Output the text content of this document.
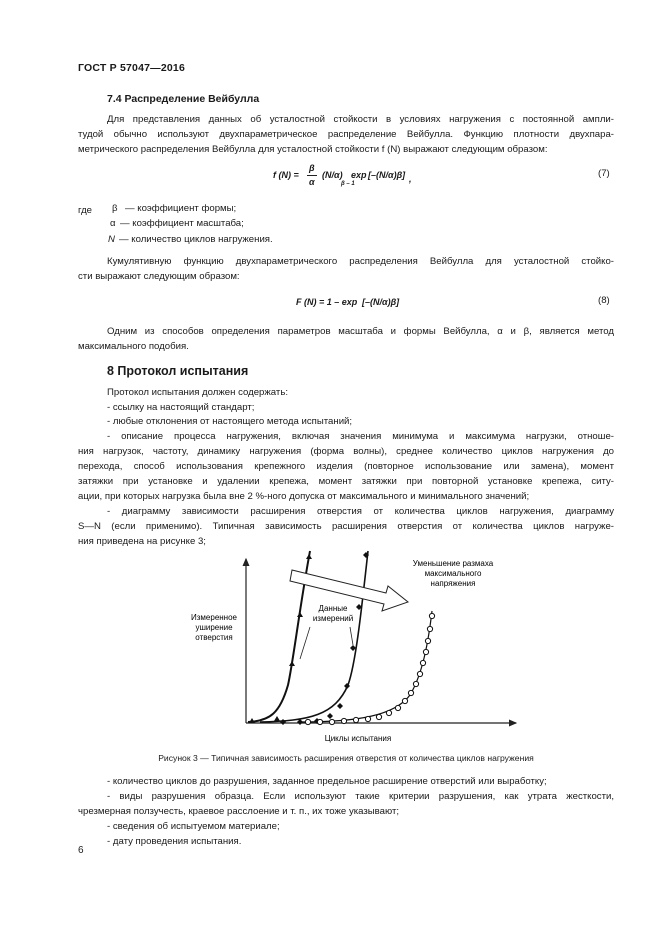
ГОСТ Р 57047—2016
7.4 Распределение Вейбулла
Для представления данных об усталостной стойкости в условиях нагружения с постоянной ампли-
тудой обычно используют двухпараметрическое распределение Вейбулла. Функцию плотности двухпара-
метрического распределения Вейбулла для усталостной стойкости f (N) выражают следующим образом:
f (N) =
β
α
(N/α)
β – 1
exp [–(N/α)β] ,	(7)
где	β — коэффициент формы;
α — коэффициент масштаба;
N — количество циклов нагружения.
Кумулятивную функцию двухпараметрического распределения Вейбулла для усталостной стойко-
сти выражают следующим образом:
F (N) = 1 – exp [–(N/α)β]	(8)
Одним из способов определения параметров масштаба и формы Вейбулла, α и β, является метод
максимального подобия.
8 Протокол испытания
Протокол испытания должен содержать:
- ссылку на настоящий стандарт;
- любые отклонения от настоящего метода испытаний;
- описание процесса нагружения, включая значения минимума и максимума нагрузки, отноше-
ния нагрузок, частоту, динамику нагружения (форма волны), среднее количество циклов нагружения до
перехода, способ использования крепежного изделия (повторное использование или замена), момент
затяжки при установке и удалении крепежа, момент затяжки при повторной установке крепежа, ситу-
ации, при которых нагрузка была вне 2 %-ного допуска от максимального и минимального значений;
- диаграмму зависимости расширения отверстия от количества циклов нагружения, диаграмму
S—N (если применимо). Типичная зависимость расширения отверстия от количества циклов нагруже-
ния приведена на рисунке 3;
Измеренное
уширение
отверстия
Данные
измерений
Уменьшение размаха
максимального
напряжения
Циклы испытания
Рисунок 3 — Типичная зависимость расширения отверстия от количества циклов нагружения
- количество циклов до разрушения, заданное предельное расширение отверстий или выработку;
- виды разрушения образца. Если используют такие критерии разрушения, как утрата жесткости,
чрезмерная ползучесть, краевое расслоение и т. п., их тоже указывают;
- сведения об испытуемом материале;
- дату проведения испытания.
6
